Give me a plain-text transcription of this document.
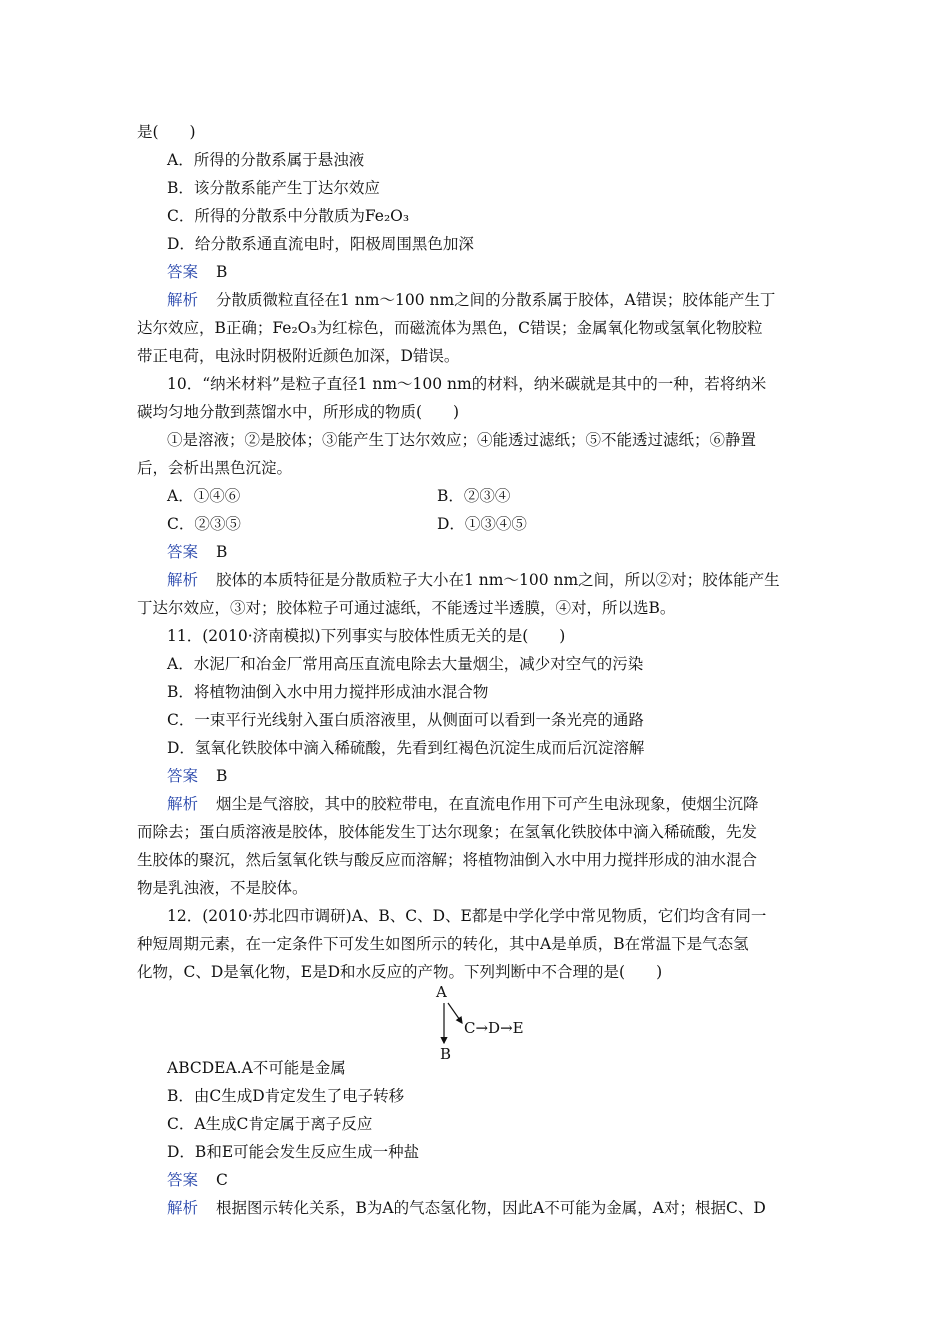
是(　　)
A．所得的分散系属于悬浊液
B．该分散系能产生丁达尔效应
C．所得的分散系中分散质为Fe₂O₃
D．给分散系通直流电时，阳极周围黑色加深
答案 B
解析 分散质微粒直径在1 nm～100 nm之间的分散系属于胶体，A错误；胶体能产生丁
达尔效应，B正确；Fe₂O₃为红棕色，而磁流体为黑色，C错误；金属氧化物或氢氧化物胶粒
带正电荷，电泳时阴极附近颜色加深，D错误。
10．“纳米材料”是粒子直径1 nm～100 nm的材料，纳米碳就是其中的一种，若将纳米
碳均匀地分散到蒸馏水中，所形成的物质(　　)
①是溶液；②是胶体；③能产生丁达尔效应；④能透过滤纸；⑤不能透过滤纸；⑥静置
后，会析出黑色沉淀。
A．①④⑥	B．②③④
C．②③⑤	D．①③④⑤
答案 B
解析 胶体的本质特征是分散质粒子大小在1 nm～100 nm之间，所以②对；胶体能产生
丁达尔效应，③对；胶体粒子可通过滤纸，不能透过半透膜，④对，所以选B。
11．(2010·济南模拟)下列事实与胶体性质无关的是(　　)
A．水泥厂和冶金厂常用高压直流电除去大量烟尘，减少对空气的污染
B．将植物油倒入水中用力搅拌形成油水混合物
C．一束平行光线射入蛋白质溶液里，从侧面可以看到一条光亮的通路
D．氢氧化铁胶体中滴入稀硫酸，先看到红褐色沉淀生成而后沉淀溶解
答案 B
解析 烟尘是气溶胶，其中的胶粒带电，在直流电作用下可产生电泳现象，使烟尘沉降
而除去；蛋白质溶液是胶体，胶体能发生丁达尔现象；在氢氧化铁胶体中滴入稀硫酸，先发
生胶体的聚沉，然后氢氧化铁与酸反应而溶解；将植物油倒入水中用力搅拌形成的油水混合
物是乳浊液，不是胶体。
12．(2010·苏北四市调研)A、B、C、D、E都是中学化学中常见物质，它们均含有同一
种短周期元素，在一定条件下可发生如图所示的转化，其中A是单质，B在常温下是气态氢
化物，C、D是氧化物，E是D和水反应的产物。下列判断中不合理的是(　　)
A
B
C→D→E
ABCDEA.A不可能是金属
B．由C生成D肯定发生了电子转移
C．A生成C肯定属于离子反应
D．B和E可能会发生反应生成一种盐
答案 C
解析 根据图示转化关系，B为A的气态氢化物，因此A不可能为金属，A对；根据C、D
